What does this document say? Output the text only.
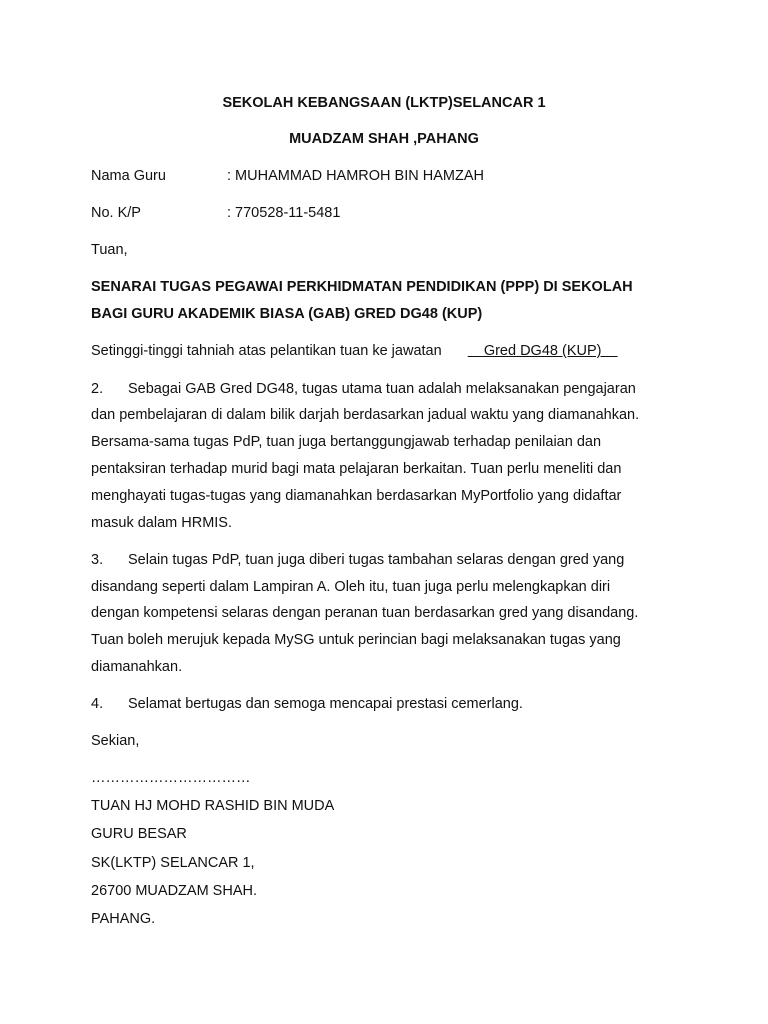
SEKOLAH KEBANGSAAN (LKTP)SELANCAR 1
MUADZAM SHAH ,PAHANG
Nama Guru	: MUHAMMAD HAMROH BIN HAMZAH
No. K/P	: 770528-11-5481
Tuan,
SENARAI TUGAS PEGAWAI PERKHIDMATAN PENDIDIKAN (PPP) DI SEKOLAH
BAGI GURU AKADEMIK BIASA (GAB) GRED DG48 (KUP)
Setinggi-tinggi tahniah atas pelantikan tuan ke jawatan     Gred DG48 (KUP)
2. Sebagai GAB Gred DG48, tugas utama tuan adalah melaksanakan pengajaran
dan pembelajaran di dalam bilik darjah berdasarkan jadual waktu yang diamanahkan.
Bersama-sama tugas PdP, tuan juga bertanggungjawab terhadap penilaian dan
pentaksiran terhadap murid bagi mata pelajaran berkaitan. Tuan perlu meneliti dan
menghayati tugas-tugas yang diamanahkan berdasarkan MyPortfolio yang didaftar
masuk dalam HRMIS.
3. Selain tugas PdP, tuan juga diberi tugas tambahan selaras dengan gred yang
disandang seperti dalam Lampiran A. Oleh itu, tuan juga perlu melengkapkan diri
dengan kompetensi selaras dengan peranan tuan berdasarkan gred yang disandang.
Tuan boleh merujuk kepada MySG untuk perincian bagi melaksanakan tugas yang
diamanahkan.
4. Selamat bertugas dan semoga mencapai prestasi cemerlang.
Sekian,
……………………………
TUAN HJ MOHD RASHID BIN MUDA
GURU BESAR
SK(LKTP) SELANCAR 1,
26700 MUADZAM SHAH.
PAHANG.
